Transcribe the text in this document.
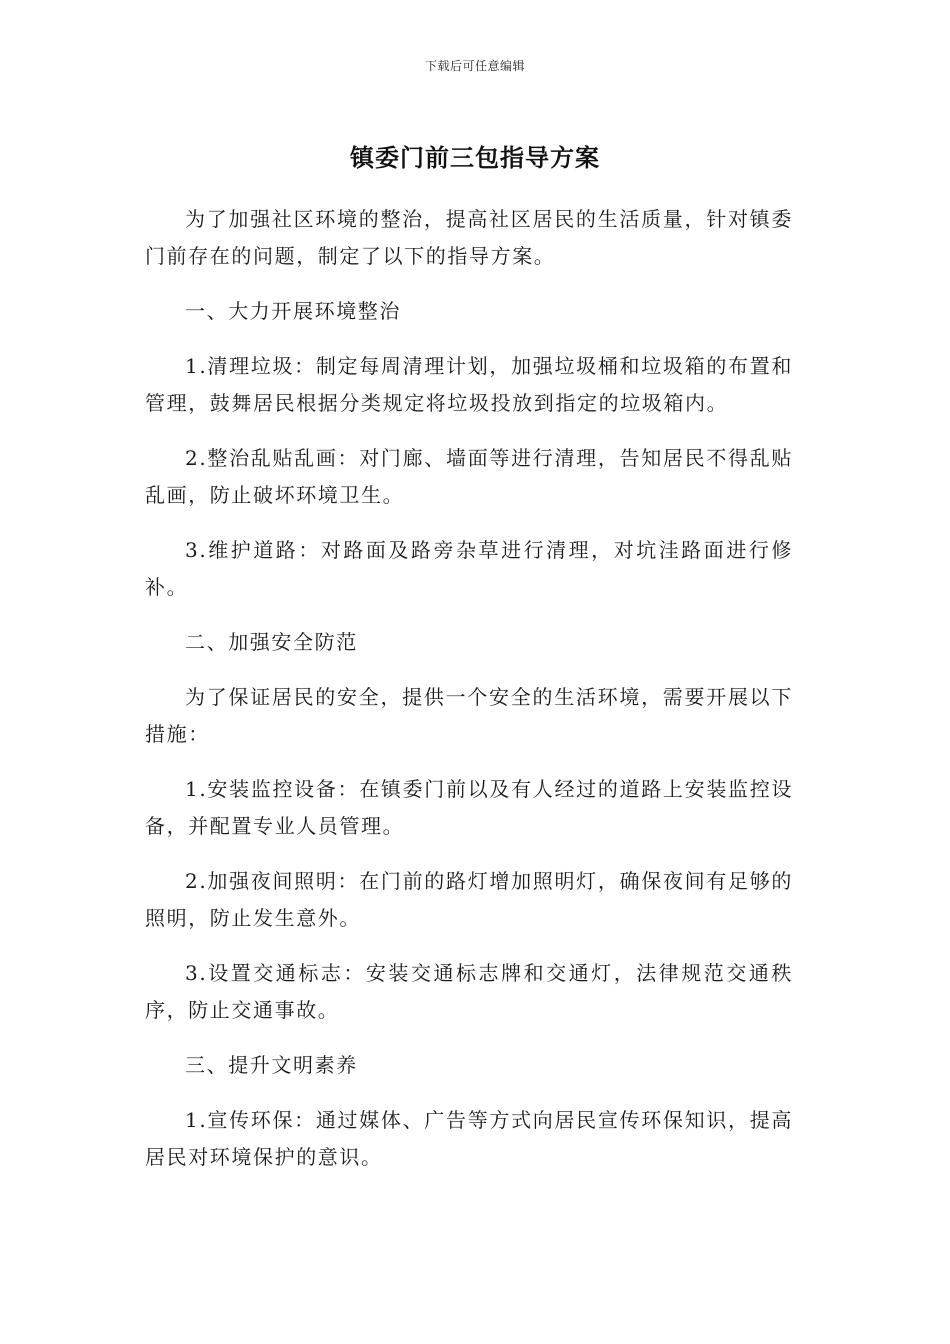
下载后可任意编辑
镇委门前三包指导方案

为了加强社区环境的整治，提高社区居民的生活质量，针对镇委门前存在的问题，制定了以下的指导方案。

一、大力开展环境整治

1.清理垃圾：制定每周清理计划，加强垃圾桶和垃圾箱的布置和管理，鼓舞居民根据分类规定将垃圾投放到指定的垃圾箱内。

2.整治乱贴乱画：对门廊、墙面等进行清理，告知居民不得乱贴乱画，防止破坏环境卫生。

3.维护道路：对路面及路旁杂草进行清理，对坑洼路面进行修补。

二、加强安全防范

为了保证居民的安全，提供一个安全的生活环境，需要开展以下措施：

1.安装监控设备：在镇委门前以及有人经过的道路上安装监控设备，并配置专业人员管理。

2.加强夜间照明：在门前的路灯增加照明灯，确保夜间有足够的照明，防止发生意外。

3.设置交通标志：安装交通标志牌和交通灯，法律规范交通秩序，防止交通事故。

三、提升文明素养

1.宣传环保：通过媒体、广告等方式向居民宣传环保知识，提高居民对环境保护的意识。
